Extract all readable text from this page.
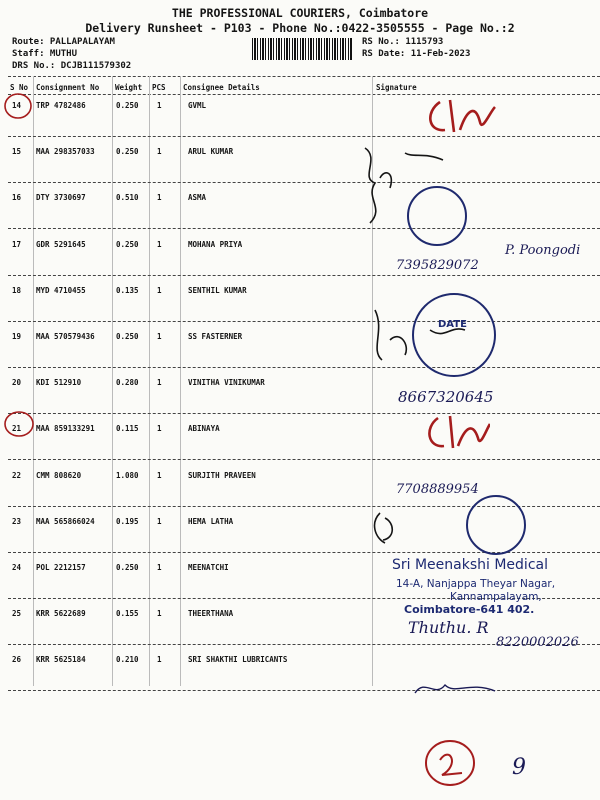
THE PROFESSIONAL COURIERS, Coimbatore
Delivery Runsheet - P103 - Phone No.:0422-3505555 - Page No.:2
Route: PALLAPALAYAM
Staff: MUTHU
DRS No.: DCJB111579302
RS No.: 1115793
RS Date: 11-Feb-2023
S No Consignment No Weight PCS Consignee Details	Signature
14 TRP 4782486	0.250 1	GVML
15 MAA 298357033	0.250 1	ARUL KUMAR
16 DTY 3730697	0.510 1	ASMA
17 GDR 5291645	0.250 1	MOHANA PRIYA
18 MYD 4710455	0.135 1	SENTHIL KUMAR
19 MAA 570579436	0.250 1	SS FASTERNER
20 KDI 512910	0.280 1	VINITHA VINIKUMAR
21 MAA 859133291	0.115 1	ABINAYA
22 CMM 808620	1.080 1	SURJITH PRAVEEN
23 MAA 565866024	0.195 1	HEMA LATHA
24 POL 2212157	0.250 1	MEENATCHI
25 KRR 5622689	0.155 1	THEERTHANA
26 KRR 5625184	0.210 1	SRI SHAKTHI LUBRICANTS
DATE
Sri Meenakshi Medical
14-A, Nanjappa Theyar Nagar,
Kannampalayam,
Coimbatore-641 402.
7395829072
P. Poongodi
8667320645
7708889954
Thuthu. R
8220002026
9
